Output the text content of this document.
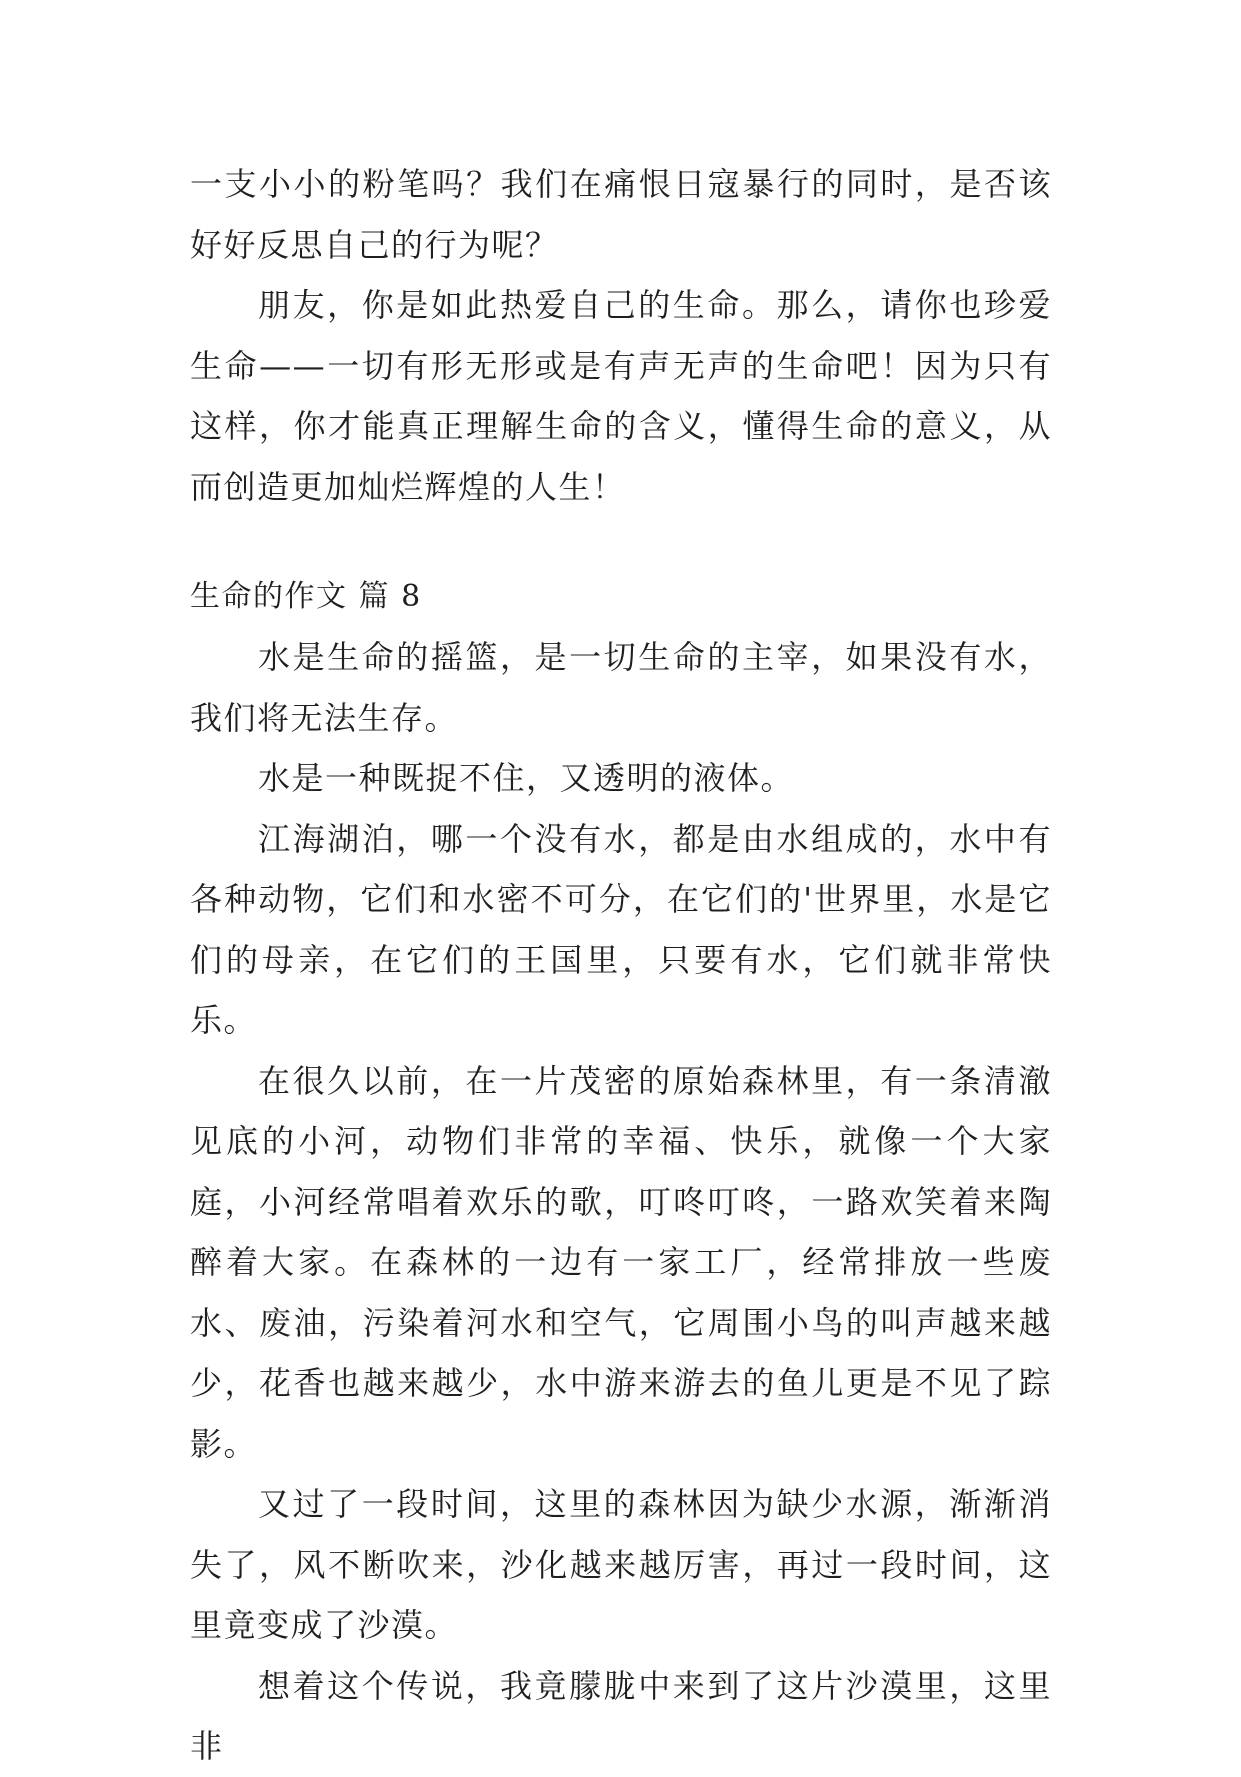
一支小小的粉笔吗？我们在痛恨日寇暴行的同时，是否该好好反思自己的行为呢？

朋友，你是如此热爱自己的生命。那么，请你也珍爱生命——一切有形无形或是有声无声的生命吧！因为只有这样，你才能真正理解生命的含义，懂得生命的意义，从而创造更加灿烂辉煌的人生！

生命的作文 篇 8

水是生命的摇篮，是一切生命的主宰，如果没有水，我们将无法生存。

水是一种既捉不住，又透明的液体。

江海湖泊，哪一个没有水，都是由水组成的，水中有各种动物，它们和水密不可分，在它们的'世界里，水是它们的母亲，在它们的王国里，只要有水，它们就非常快乐。

在很久以前，在一片茂密的原始森林里，有一条清澈见底的小河，动物们非常的幸福、快乐，就像一个大家庭，小河经常唱着欢乐的歌，叮咚叮咚，一路欢笑着来陶醉着大家。在森林的一边有一家工厂，经常排放一些废水、废油，污染着河水和空气，它周围小鸟的叫声越来越少，花香也越来越少，水中游来游去的鱼儿更是不见了踪影。

又过了一段时间，这里的森林因为缺少水源，渐渐消失了，风不断吹来，沙化越来越厉害，再过一段时间，这里竟变成了沙漠。

想着这个传说，我竟朦胧中来到了这片沙漠里，这里非
